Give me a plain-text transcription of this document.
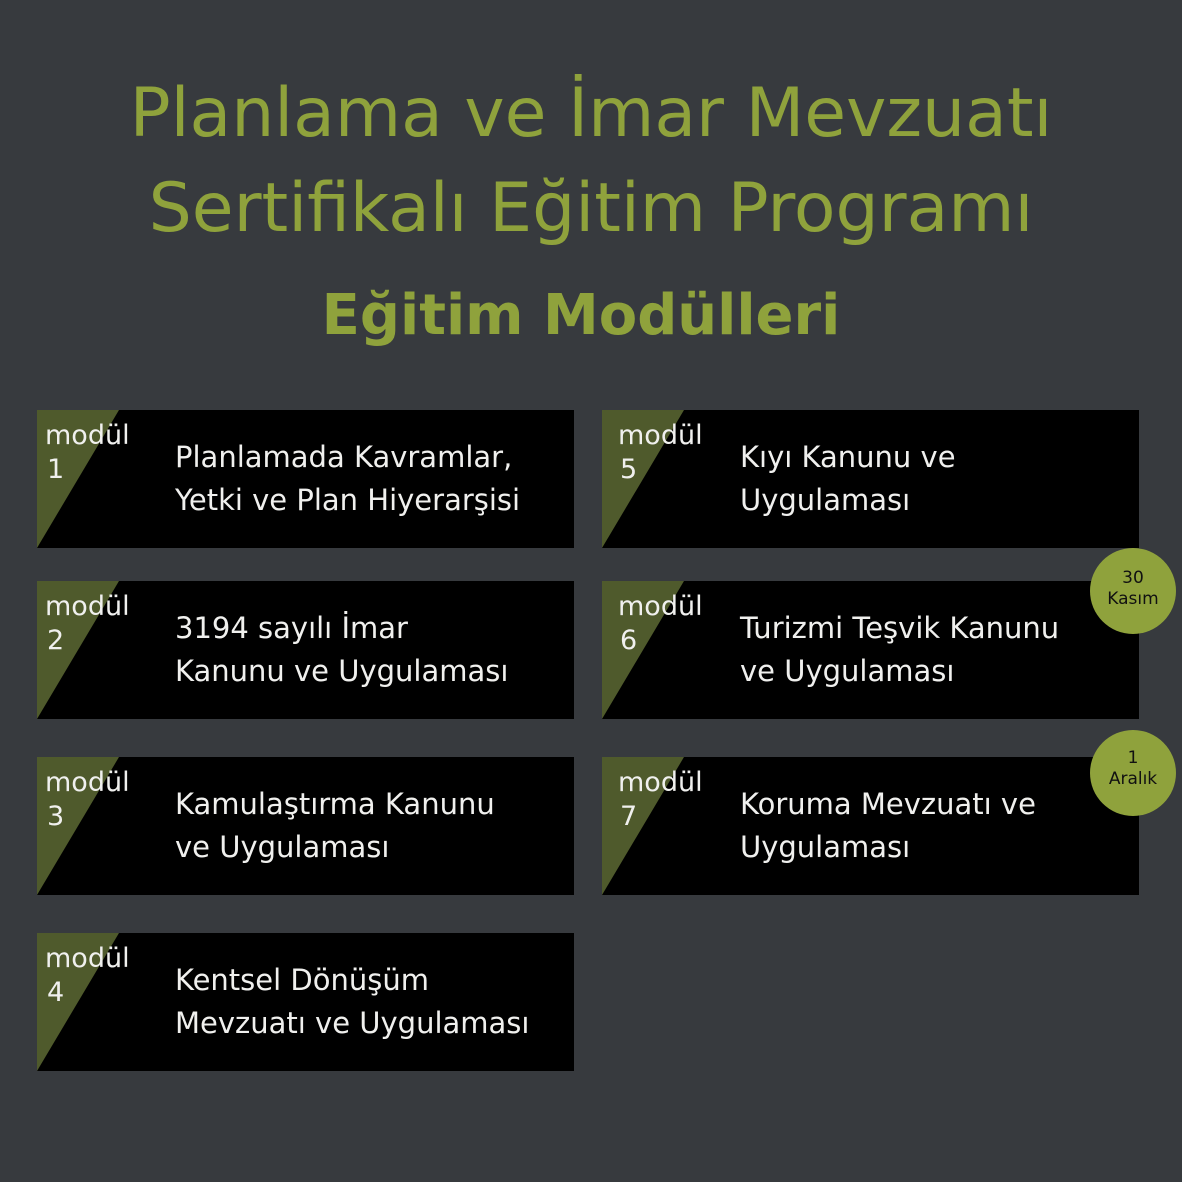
Planlama ve İmar Mevzuatı
Sertifikalı Eğitim Programı
Eğitim Modülleri
modül
1	Planlamada Kavramlar,
Yetki ve Plan Hiyerarşisi
modül
2	3194 sayılı İmar
Kanunu ve Uygulaması
modül
3	Kamulaştırma Kanunu
ve Uygulaması
modül
4	Kentsel Dönüşüm
Mevzuatı ve Uygulaması
modül
5	Kıyı Kanunu ve
Uygulaması
modül
6	Turizmi Teşvik Kanunu
ve Uygulaması
modül
7	Koruma Mevzuatı ve
Uygulaması
30
Kasım
1
Aralık
